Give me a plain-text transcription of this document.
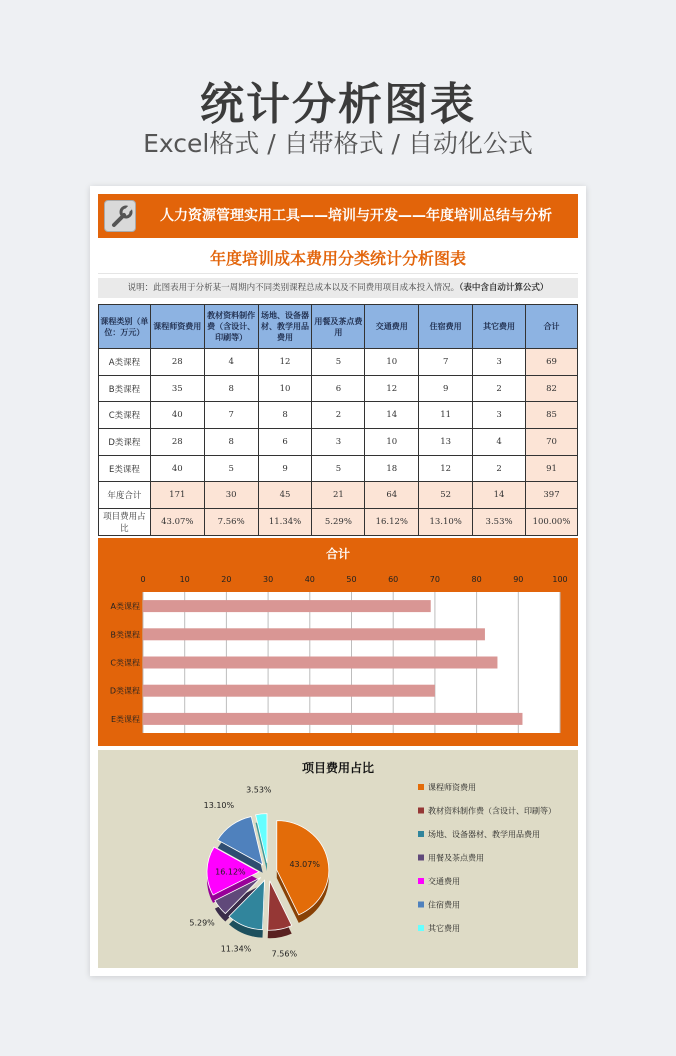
统计分析图表
Excel格式 / 自带格式 / 自动化公式
人力资源管理实用工具——培训与开发——年度培训总结与分析
年度培训成本费用分类统计分析图表
说明：此图表用于分析某一周期内不同类别课程总成本以及不同费用项目成本投入情况。（表中含自动计算公式）
课程类别（单位：万元）	课程师资费用	教材资料制作费（含设计、印刷等）	场地、设备器材、教学用品费用	用餐及茶点费用	交通费用	住宿费用	其它费用	合计
A类课程	28	4	12	5	10	7	3	69
B类课程	35	8	10	6	12	9	2	82
C类课程	40	7	8	2	14	11	3	85
D类课程	28	8	6	3	10	13	4	70
E类课程	40	5	9	5	18	12	2	91
年度合计	171	30	45	21	64	52	14	397
项目费用占比	43.07%	7.56%	11.34%	5.29%	16.12%	13.10%	3.53%	100.00%
合计
0	10	20	30	40	50	60	70	80	90	100
A类课程
B类课程
C类课程
D类课程
E类课程
项目费用占比
43.07%
7.56%
11.34%
5.29%
16.12%
13.10%
3.53%	课程师资费用
教材资料制作费（含设计、印刷等）
场地、设备器材、教学用品费用
用餐及茶点费用
交通费用
住宿费用
其它费用
